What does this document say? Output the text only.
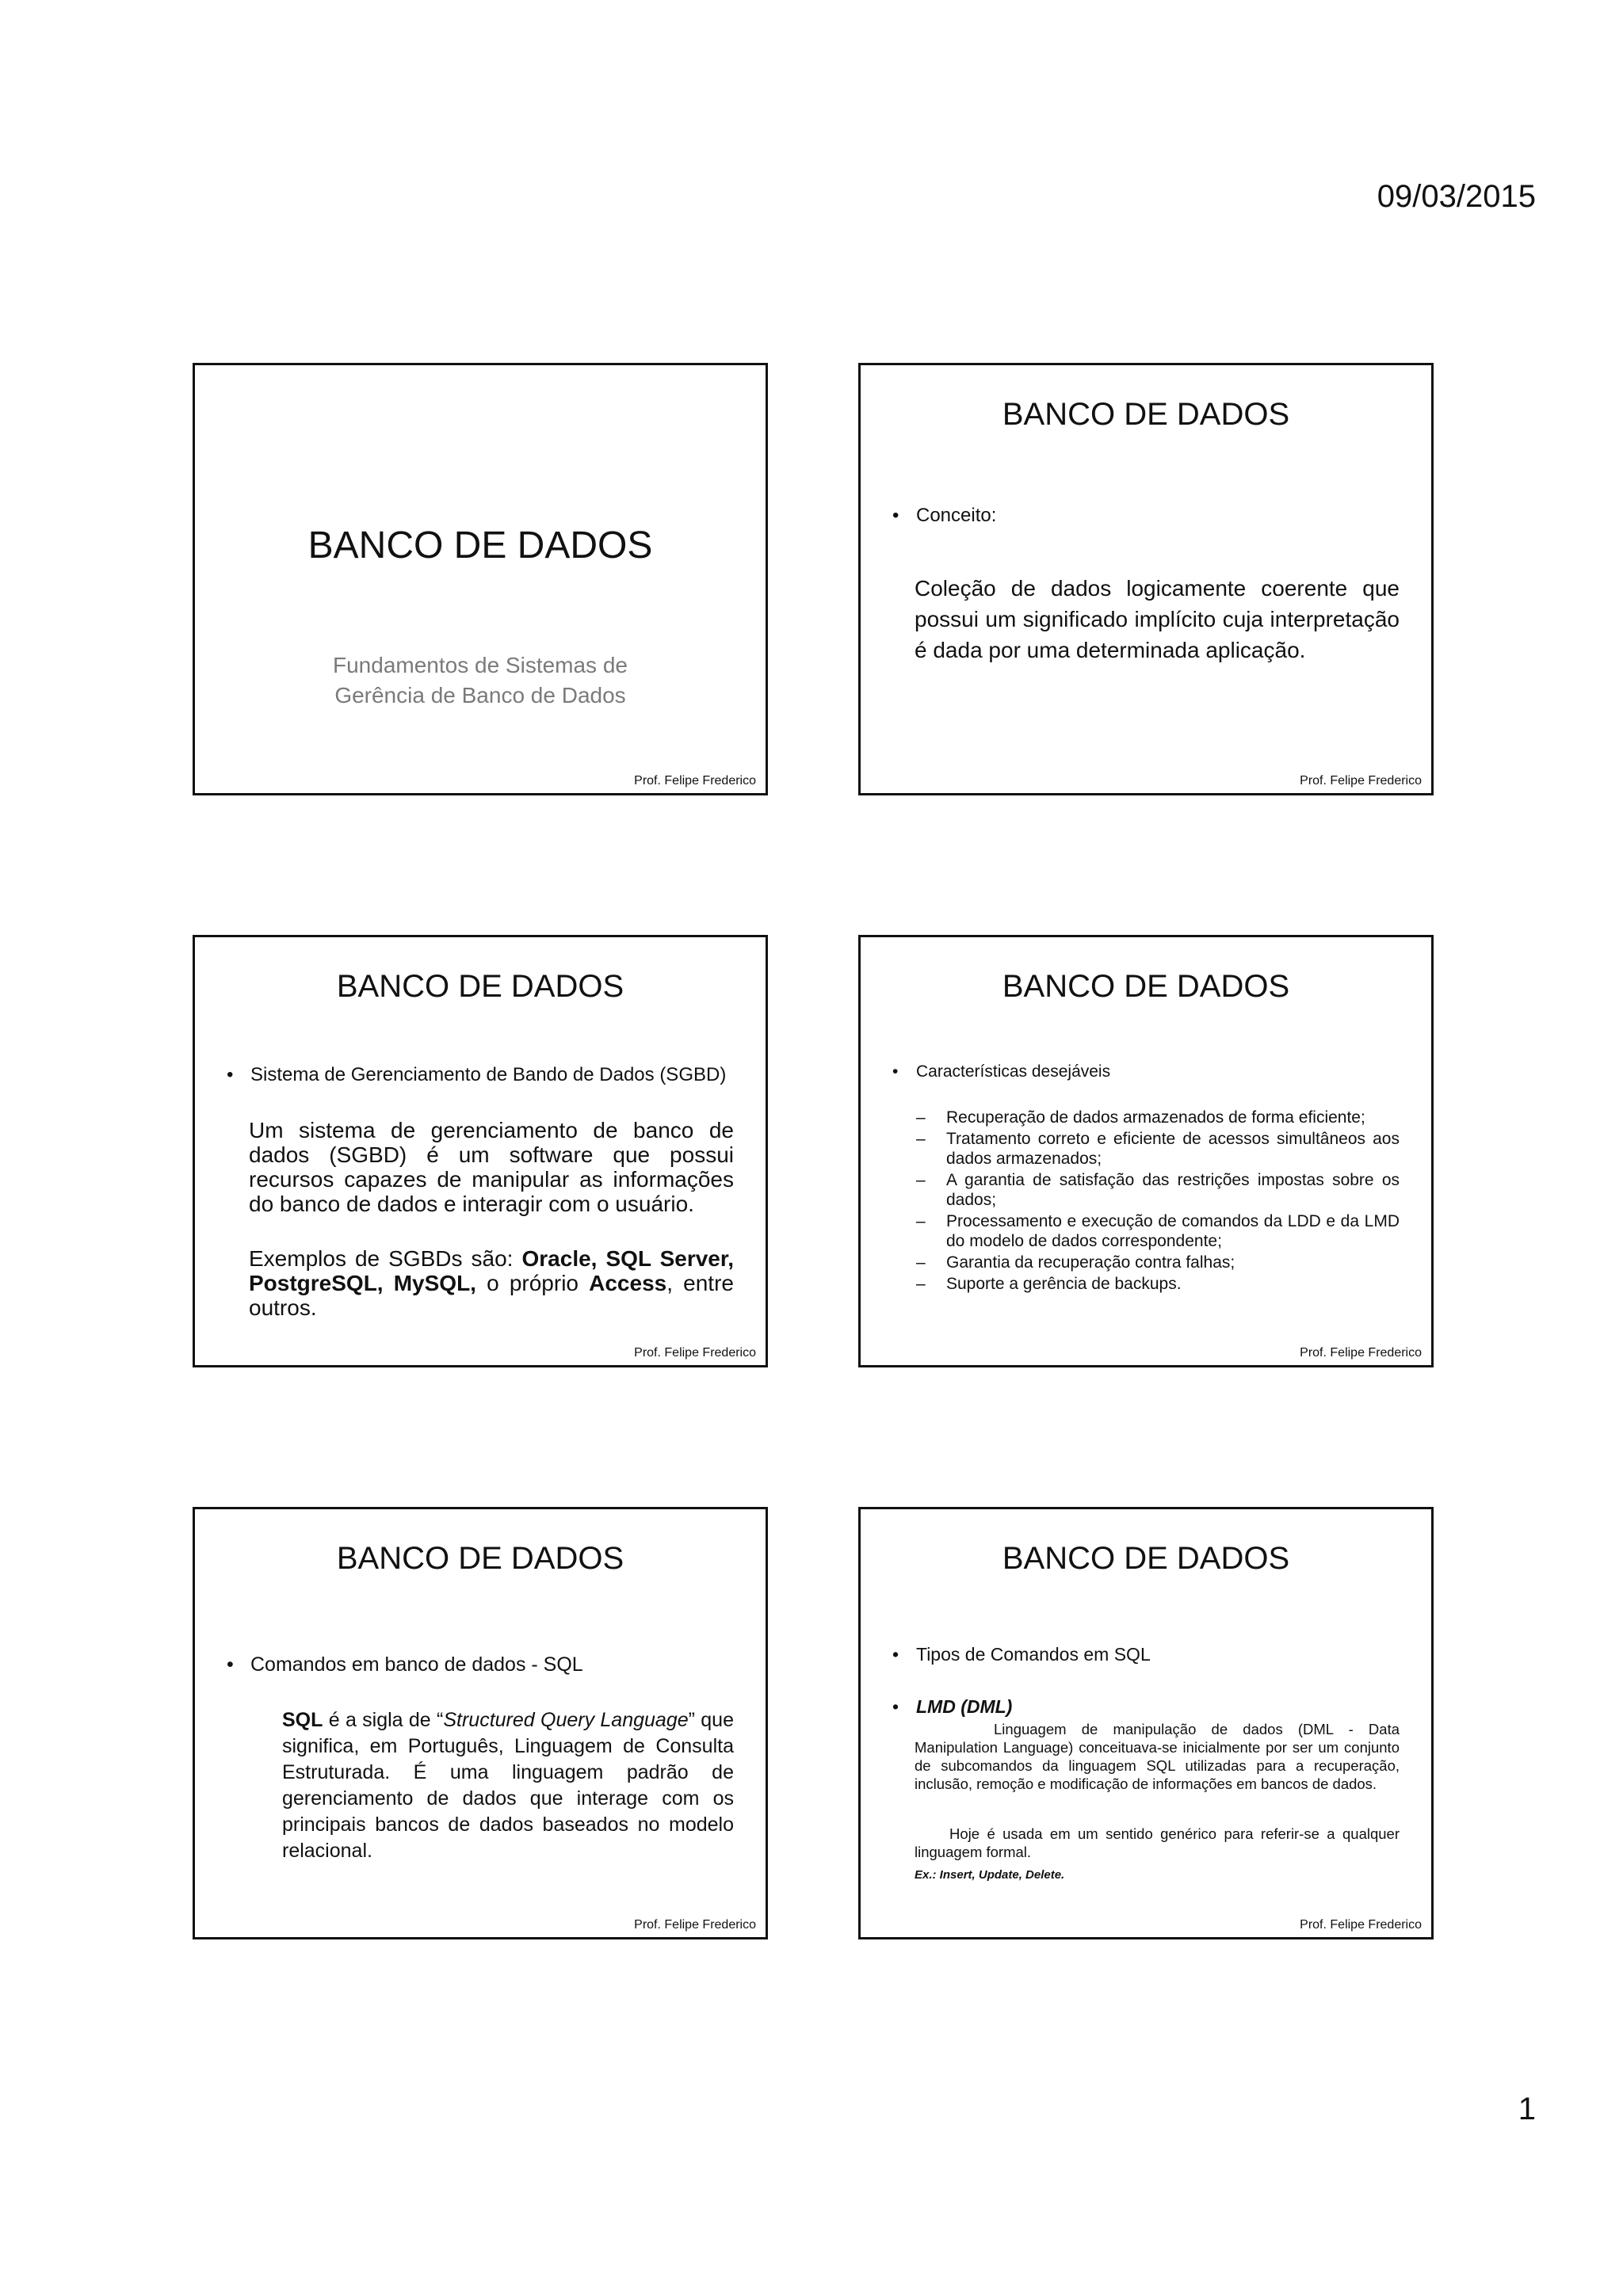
09/03/2015
BANCO DE DADOS
Fundamentos de Sistemas de
Gerência de Banco de Dados
Prof. Felipe Frederico
BANCO DE DADOS
• Conceito:
Coleção de dados logicamente coerente que possui um significado implícito cuja interpretação é dada por uma determinada aplicação.
Prof. Felipe Frederico
BANCO DE DADOS
• Sistema de Gerenciamento de Bando de Dados (SGBD)
Um sistema de gerenciamento de banco de dados (SGBD) é um software que possui recursos capazes de manipular as informações do banco de dados e interagir com o usuário.
Exemplos de SGBDs são: Oracle, SQL Server, PostgreSQL, MySQL, o próprio Access, entre outros.
Prof. Felipe Frederico
BANCO DE DADOS
•	Características desejáveis
–	Recuperação de dados armazenados de forma eficiente;
–	Tratamento correto e eficiente de acessos simultâneos aos dados armazenados;
–	A garantia de satisfação das restrições impostas sobre os dados;
–	Processamento e execução de comandos da LDD e da LMD do modelo de dados correspondente;
–	Garantia da recuperação contra falhas;
–	Suporte a gerência de backups.
Prof. Felipe Frederico
BANCO DE DADOS
• Comandos em banco de dados - SQL
SQL é a sigla de “Structured Query Language” que significa, em Português, Linguagem de Consulta Estruturada. É uma linguagem padrão de gerenciamento de dados que interage com os principais bancos de dados baseados no modelo relacional.
Prof. Felipe Frederico
BANCO DE DADOS
• Tipos de Comandos em SQL
• LMD (DML)
Linguagem de manipulação de dados (DML - Data Manipulation Language) conceituava-se inicialmente por ser um conjunto de subcomandos da linguagem SQL utilizadas para a recuperação, inclusão, remoção e modificação de informações em bancos de dados.
Hoje é usada em um sentido genérico para referir-se a qualquer linguagem formal.
Ex.: Insert, Update, Delete.
Prof. Felipe Frederico
1
